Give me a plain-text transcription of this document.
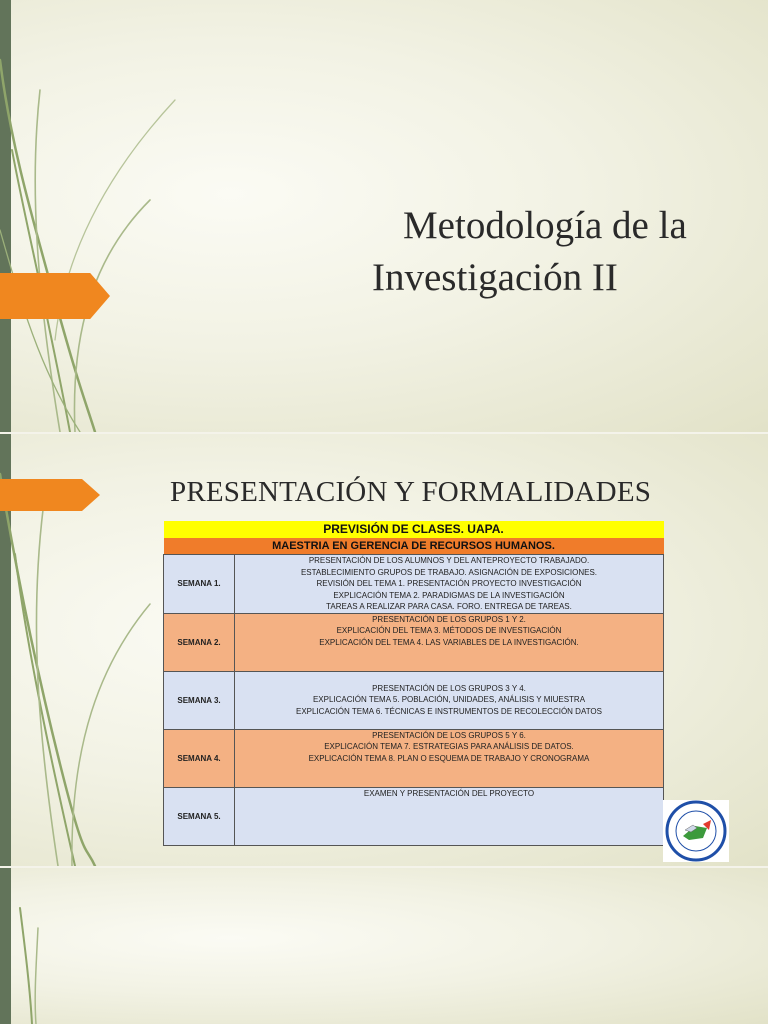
Metodología de la
Investigación II
PRESENTACIÓN Y FORMALIDADES
PREVISIÓN DE CLASES. UAPA.	
MAESTRIA EN GERENCIA DE RECURSOS HUMANOS.	
SEMANA 1.	PRESENTACIÓN DE LOS ALUMNOS Y DEL ANTEPROYECTO TRABAJADO.
ESTABLECIMIENTO GRUPOS DE TRABAJO. ASIGNACIÓN DE EXPOSICIONES.
REVISIÓN DEL TEMA 1. PRESENTACIÓN PROYECTO INVESTIGACIÓN
EXPLICACIÓN TEMA 2. PARADIGMAS DE LA INVESTIGACIÓN
TAREAS A REALIZAR PARA CASA. FORO. ENTREGA DE TAREAS.

SEMANA 2.	PRESENTACIÓN DE LOS GRUPOS 1 Y 2.
EXPLICACIÓN DEL TEMA 3. MÉTODOS DE INVESTIGACIÓN
EXPLICACIÓN DEL TEMA 4. LAS VARIABLES DE LA INVESTIGACIÓN.

SEMANA 3.	PRESENTACIÓN DE LOS GRUPOS 3 Y 4.
EXPLICACIÓN TEMA 5. POBLACIÓN, UNIDADES, ANÁLISIS Y MIUESTRA
EXPLICACIÓN TEMA 6. TÉCNICAS E INSTRUMENTOS DE RECOLECCIÓN DATOS

SEMANA 4.	PRESENTACIÓN DE LOS GRUPOS 5 Y 6.
EXPLICACIÓN TEMA 7. ESTRATEGIAS PARA ANÁLISIS DE DATOS.
EXPLICACIÓN TEMA 8. PLAN O ESQUEMA DE TRABAJO Y CRONOGRAMA

SEMANA 5.	EXAMEN Y PRESENTACIÓN DEL PROYECTO
